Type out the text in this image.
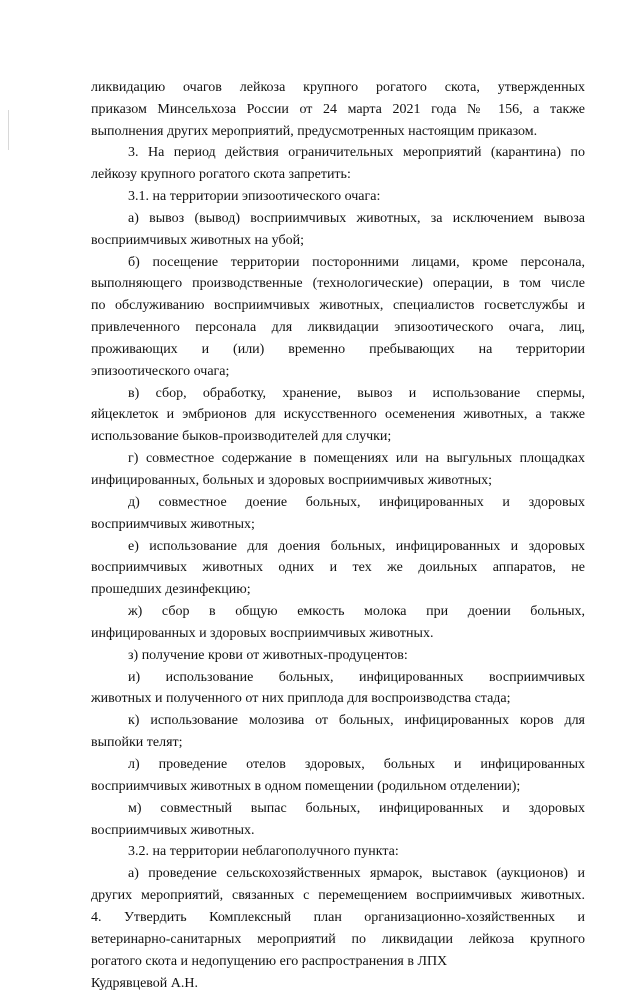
ликвидацию очагов лейкоза крупного рогатого скота, утвержденных
приказом Минсельхоза России от 24 марта 2021 года № 156, а также
выполнения других мероприятий, предусмотренных настоящим приказом.
3. На период действия ограничительных мероприятий (карантина) по
лейкозу крупного рогатого скота запретить:
3.1. на территории эпизоотического очага:
а) вывоз (вывод) восприимчивых животных, за исключением вывоза
восприимчивых животных на убой;
б) посещение территории посторонними лицами, кроме персонала,
выполняющего производственные (технологические) операции, в том числе
по обслуживанию восприимчивых животных, специалистов госветслужбы и
привлеченного персонала для ликвидации эпизоотического очага, лиц,
проживающих и (или) временно пребывающих на территории
эпизоотического очага;
в) сбор, обработку, хранение, вывоз и использование спермы,
яйцеклеток и эмбрионов для искусственного осеменения животных, а также
использование быков-производителей для случки;
г) совместное содержание в помещениях или на выгульных площадках
инфицированных, больных и здоровых восприимчивых животных;
д) совместное доение больных, инфицированных и здоровых
восприимчивых животных;
е) использование для доения больных, инфицированных и здоровых
восприимчивых животных одних и тех же доильных аппаратов, не
прошедших дезинфекцию;
ж) сбор в общую емкость молока при доении больных,
инфицированных и здоровых восприимчивых животных.
з) получение крови от животных-продуцентов:
и) использование больных, инфицированных восприимчивых
животных и полученного от них приплода для воспроизводства стада;
к) использование молозива от больных, инфицированных коров для
выпойки телят;
л) проведение отелов здоровых, больных и инфицированных
восприимчивых животных в одном помещении (родильном отделении);
м) совместный выпас больных, инфицированных и здоровых
восприимчивых животных.
3.2. на территории неблагополучного пункта:
а) проведение сельскохозяйственных ярмарок, выставок (аукционов) и
других мероприятий, связанных с перемещением восприимчивых животных.
4. Утвердить Комплексный план организационно-хозяйственных и
ветеринарно-санитарных мероприятий по ликвидации лейкоза крупного
рогатого скота и недопущению его распространения в ЛПХ
Кудрявцевой А.Н.
